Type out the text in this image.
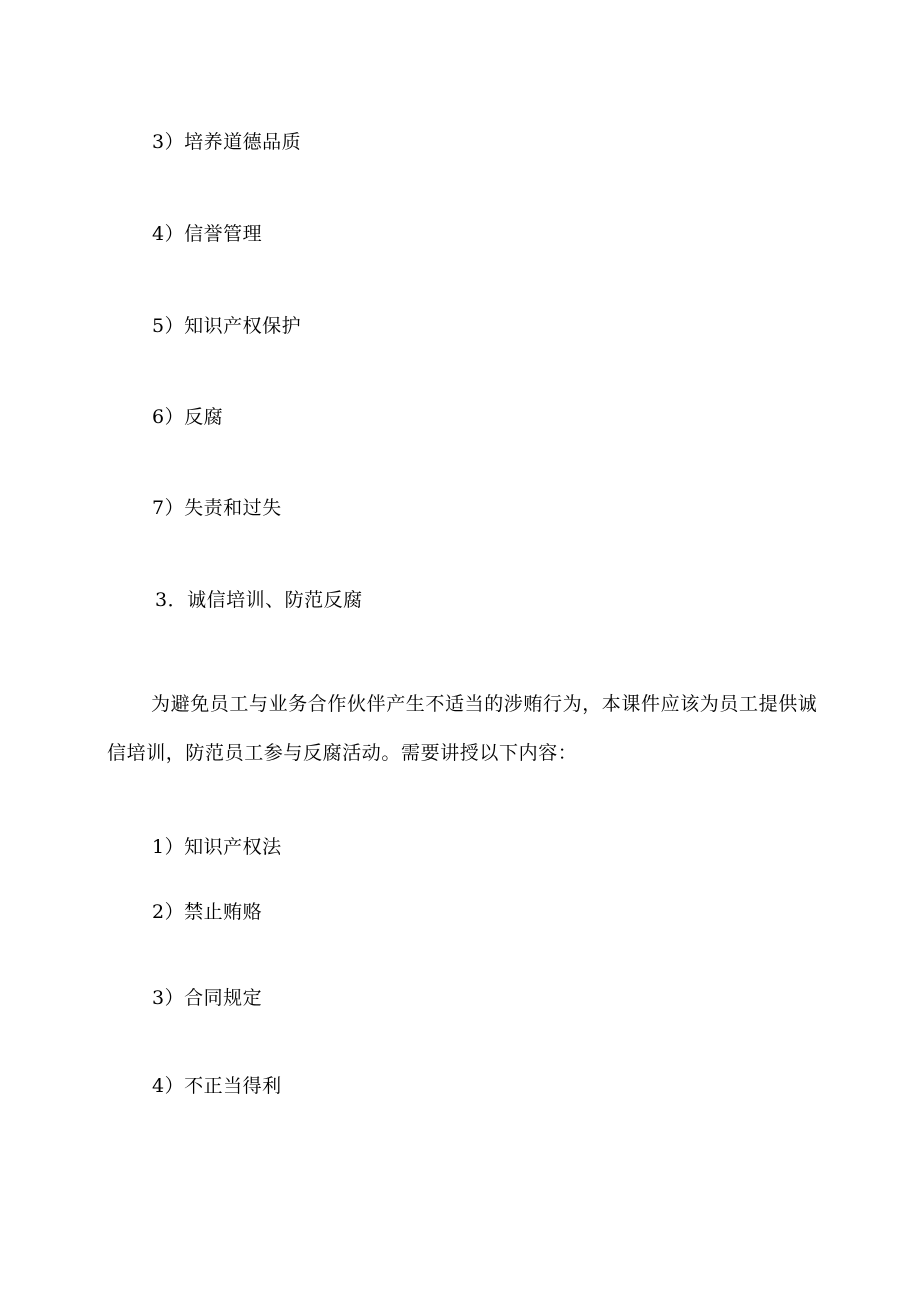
3）培养道德品质
4）信誉管理
5）知识产权保护
6）反腐
7）失责和过失
3．诚信培训、防范反腐

为避免员工与业务合作伙伴产生不适当的涉贿行为，本课件应该为员工提供诚信培训，防范员工参与反腐活动。需要讲授以下内容：

1）知识产权法
2）禁止贿赂
3）合同规定
4）不正当得利
